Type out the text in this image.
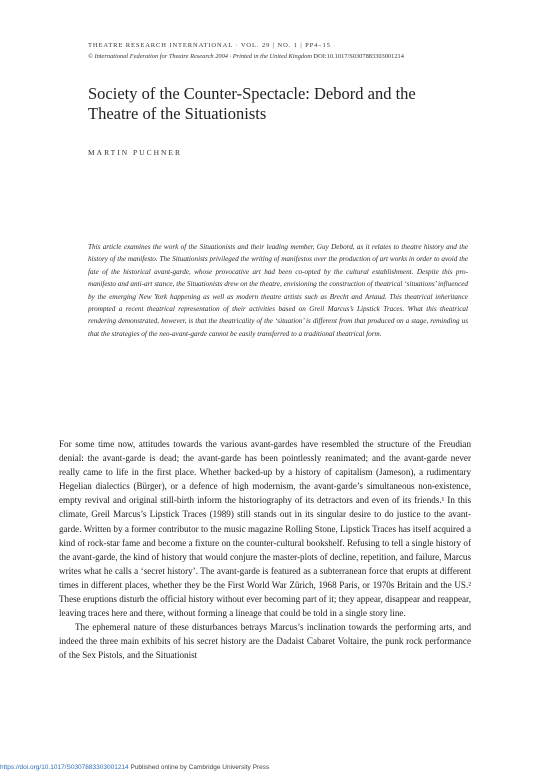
THEATRE RESEARCH INTERNATIONAL · VOL. 29 | NO. 1 | PP4–15
© International Federation for Theatre Research 2004 · Printed in the United Kingdom DOI:10.1017/S0307883303001214
Society of the Counter-Spectacle: Debord and the Theatre of the Situationists
MARTIN PUCHNER

This article examines the work of the Situationists and their leading member, Guy Debord, as it relates to theatre history and the history of the manifesto. The Situationists privileged the writing of manifestos over the production of art works in order to avoid the fate of the historical avant-garde, whose provocative art had been co-opted by the cultural establishment. Despite this pro-manifesto and anti-art stance, the Situationists drew on the theatre, envisioning the construction of theatrical ‘situations’ influenced by the emerging New York happening as well as modern theatre artists such as Brecht and Artaud. This theatrical inheritance prompted a recent theatrical representation of their activities based on Greil Marcus’s Lipstick Traces. What this theatrical rendering demonstrated, however, is that the theatricality of the ‘situation’ is different from that produced on a stage, reminding us that the strategies of the neo-avant-garde cannot be easily transferred to a traditional theatrical form.

For some time now, attitudes towards the various avant-gardes have resembled the structure of the Freudian denial: the avant-garde is dead; the avant-garde has been pointlessly reanimated; and the avant-garde never really came to life in the first place. Whether backed-up by a history of capitalism (Jameson), a rudimentary Hegelian dialectics (Bürger), or a defence of high modernism, the avant-garde’s simultaneous non-existence, empty revival and original still-birth inform the historiography of its detractors and even of its friends.¹ In this climate, Greil Marcus’s Lipstick Traces (1989) still stands out in its singular desire to do justice to the avant-garde. Written by a former contributor to the music magazine Rolling Stone, Lipstick Traces has itself acquired a kind of rock-star fame and become a fixture on the counter-cultural bookshelf. Refusing to tell a single history of the avant-garde, the kind of history that would conjure the master-plots of decline, repetition, and failure, Marcus writes what he calls a ‘secret history’. The avant-garde is featured as a subterranean force that erupts at different times in different places, whether they be the First World War Zürich, 1968 Paris, or 1970s Britain and the US.² These eruptions disturb the official history without ever becoming part of it; they appear, disappear and reappear, leaving traces here and there, without forming a lineage that could be told in a single story line.

The ephemeral nature of these disturbances betrays Marcus’s inclination towards the performing arts, and indeed the three main exhibits of his secret history are the Dadaist Cabaret Voltaire, the punk rock performance of the Sex Pistols, and the Situationist

https://doi.org/10.1017/S0307883303001214 Published online by Cambridge University Press
